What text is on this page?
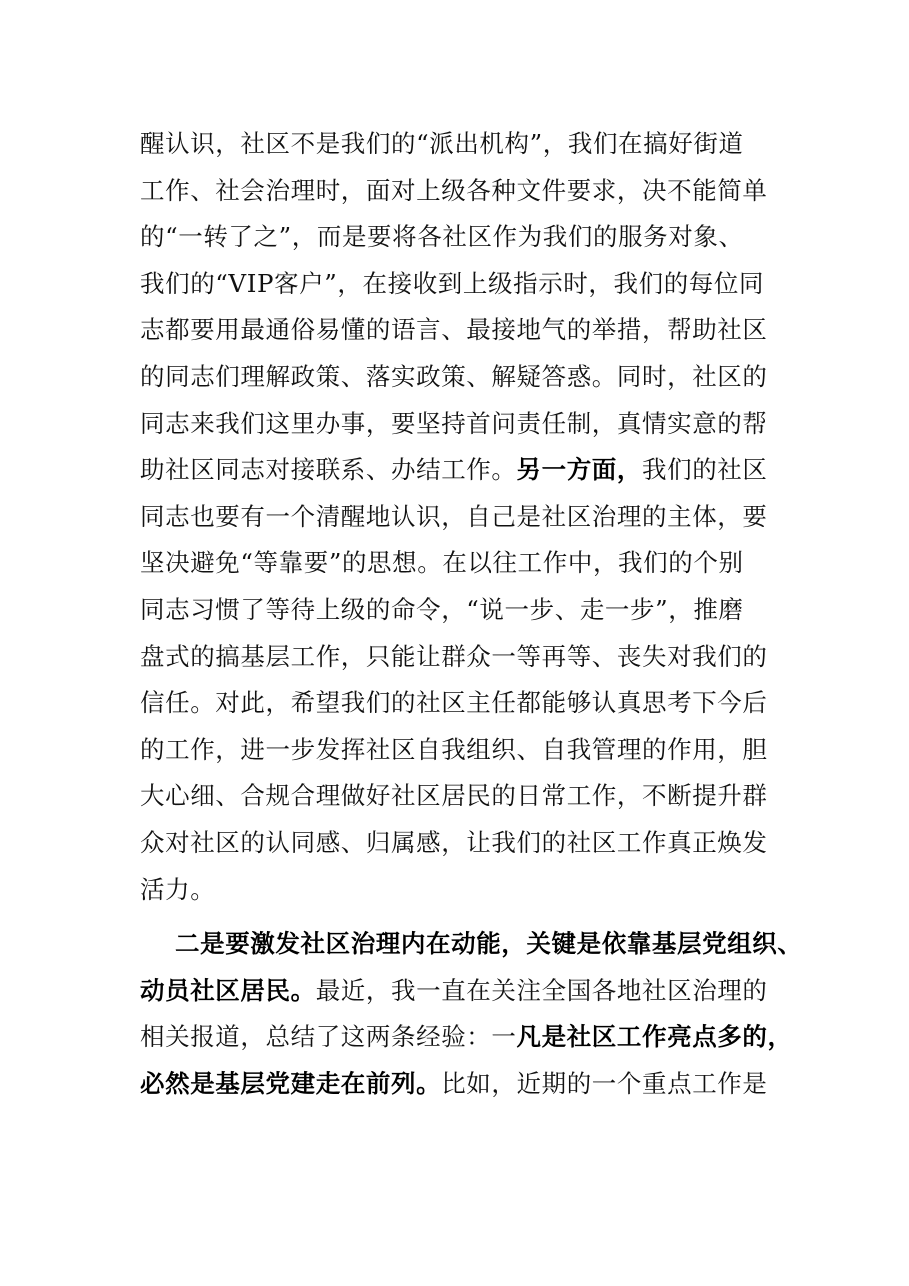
醒认识，社区不是我们的“派出机构”，我们在搞好街道
工作、社会治理时，面对上级各种文件要求，决不能简单
的“一转了之”，而是要将各社区作为我们的服务对象、
我们的“VIP客户”，在接收到上级指示时，我们的每位同
志都要用最通俗易懂的语言、最接地气的举措，帮助社区
的同志们理解政策、落实政策、解疑答惑。同时，社区的
同志来我们这里办事，要坚持首问责任制，真情实意的帮
助社区同志对接联系、办结工作。另一方面，我们的社区
同志也要有一个清醒地认识，自己是社区治理的主体，要
坚决避免“等靠要”的思想。在以往工作中，我们的个别
同志习惯了等待上级的命令，“说一步、走一步”，推磨
盘式的搞基层工作，只能让群众一等再等、丧失对我们的
信任。对此，希望我们的社区主任都能够认真思考下今后
的工作，进一步发挥社区自我组织、自我管理的作用，胆
大心细、合规合理做好社区居民的日常工作，不断提升群
众对社区的认同感、归属感，让我们的社区工作真正焕发
活力。
二是要激发社区治理内在动能，关键是依靠基层党组织、
动员社区居民。最近，我一直在关注全国各地社区治理的
相关报道，总结了这两条经验：一凡是社区工作亮点多的，
必然是基层党建走在前列。比如，近期的一个重点工作是
